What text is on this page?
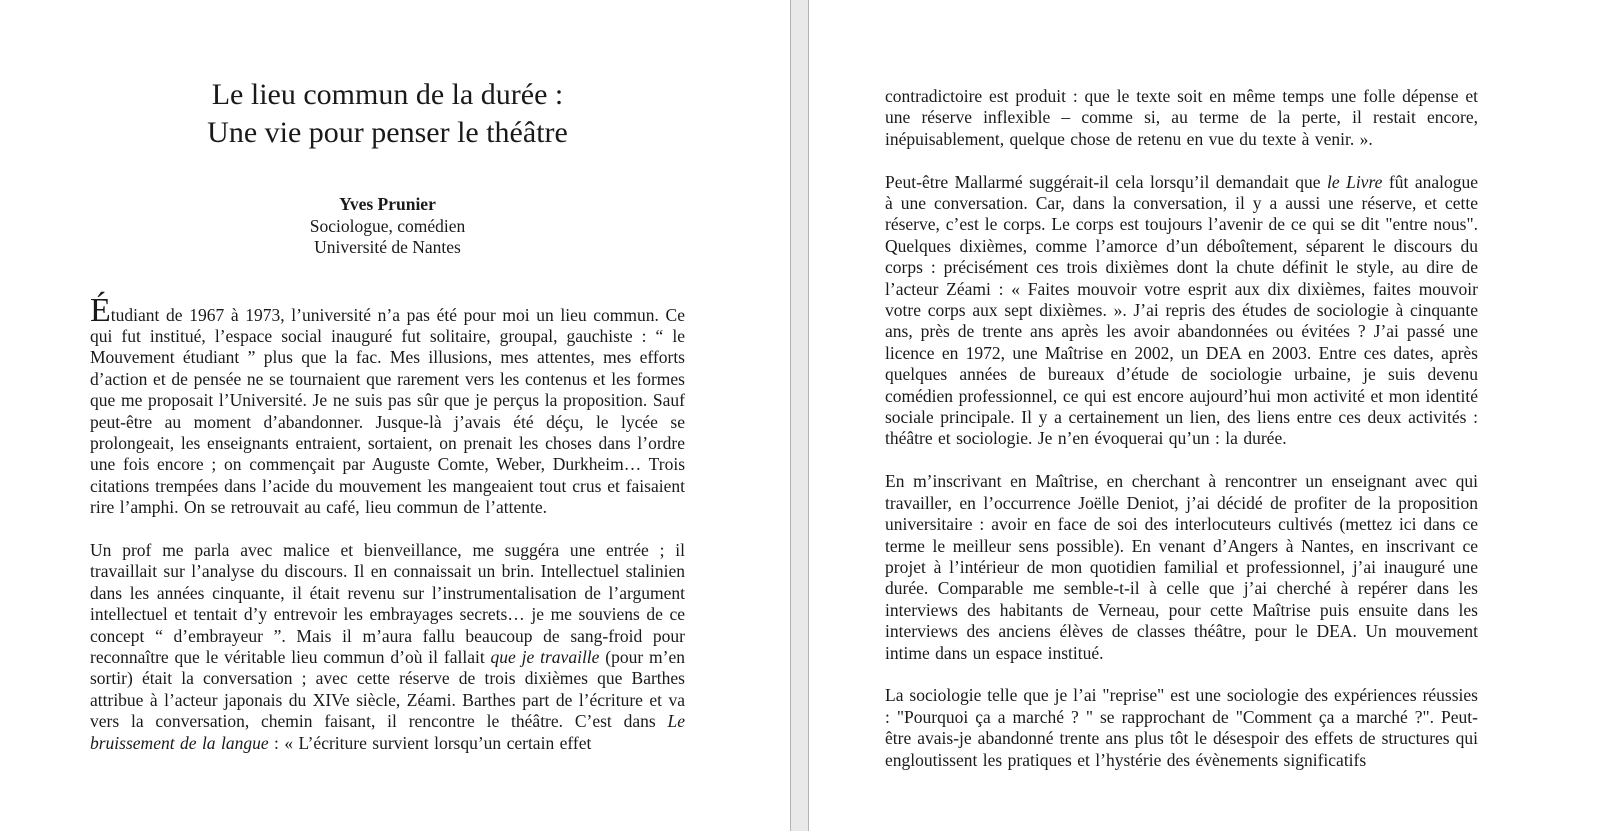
Le lieu commun de la durée :
Une vie pour penser le théâtre
Yves Prunier
Sociologue, comédien
Université de Nantes

Étudiant de 1967 à 1973, l’université n’a pas été pour moi un lieu commun. Ce qui fut institué, l’espace social inauguré fut solitaire, groupal, gauchiste : “ le Mouvement étudiant ” plus que la fac. Mes illusions, mes attentes, mes efforts d’action et de pensée ne se tournaient que rarement vers les contenus et les formes que me proposait l’Université. Je ne suis pas sûr que je perçus la proposition. Sauf peut-être au moment d’abandonner. Jusque-là j’avais été déçu, le lycée se prolongeait, les enseignants entraient, sortaient, on prenait les choses dans l’ordre une fois encore ; on commençait par Auguste Comte, Weber, Durkheim… Trois citations trempées dans l’acide du mouvement les mangeaient tout crus et faisaient rire l’amphi. On se retrouvait au café, lieu commun de l’attente.

Un prof me parla avec malice et bienveillance, me suggéra une entrée ; il travaillait sur l’analyse du discours. Il en connaissait un brin. Intellectuel stalinien dans les années cinquante, il était revenu sur l’instrumentalisation de l’argument intellectuel et tentait d’y entrevoir les embrayages secrets… je me souviens de ce concept “ d’embrayeur ”. Mais il m’aura fallu beaucoup de sang-froid pour reconnaître que le véritable lieu commun d’où il fallait que je travaille (pour m’en sortir) était la conversation ; avec cette réserve de trois dixièmes que Barthes attribue à l’acteur japonais du XIVe siècle, Zéami. Barthes part de l’écriture et va vers la conversation, chemin faisant, il rencontre le théâtre. C’est dans Le bruissement de la langue : « L’écriture survient lorsqu’un certain effet

contradictoire est produit : que le texte soit en même temps une folle dépense et une réserve inflexible – comme si, au terme de la perte, il restait encore, inépuisablement, quelque chose de retenu en vue du texte à venir. ».

Peut-être Mallarmé suggérait-il cela lorsqu’il demandait que le Livre fût analogue à une conversation. Car, dans la conversation, il y a aussi une réserve, et cette réserve, c’est le corps. Le corps est toujours l’avenir de ce qui se dit "entre nous". Quelques dixièmes, comme l’amorce d’un déboîtement, séparent le discours du corps : précisément ces trois dixièmes dont la chute définit le style, au dire de l’acteur Zéami : « Faites mouvoir votre esprit aux dix dixièmes, faites mouvoir votre corps aux sept dixièmes. ». J’ai repris des études de sociologie à cinquante ans, près de trente ans après les avoir abandonnées ou évitées ? J’ai passé une licence en 1972, une Maîtrise en 2002, un DEA en 2003. Entre ces dates, après quelques années de bureaux d’étude de sociologie urbaine, je suis devenu comédien professionnel, ce qui est encore aujourd’hui mon activité et mon identité sociale principale. Il y a certainement un lien, des liens entre ces deux activités : théâtre et sociologie. Je n’en évoquerai qu’un : la durée.

En m’inscrivant en Maîtrise, en cherchant à rencontrer un enseignant avec qui travailler, en l’occurrence Joëlle Deniot, j’ai décidé de profiter de la proposition universitaire : avoir en face de soi des interlocuteurs cultivés (mettez ici dans ce terme le meilleur sens possible). En venant d’Angers à Nantes, en inscrivant ce projet à l’intérieur de mon quotidien familial et professionnel, j’ai inauguré une durée. Comparable me semble-t-il à celle que j’ai cherché à repérer dans les interviews des habitants de Verneau, pour cette Maîtrise puis ensuite dans les interviews des anciens élèves de classes théâtre, pour le DEA. Un mouvement intime dans un espace institué.

La sociologie telle que je l’ai "reprise" est une sociologie des expériences réussies : "Pourquoi ça a marché ? " se rapprochant de "Comment ça a marché ?". Peut-être avais-je abandonné trente ans plus tôt le désespoir des effets de structures qui engloutissent les pratiques et l’hystérie des évènements significatifs
